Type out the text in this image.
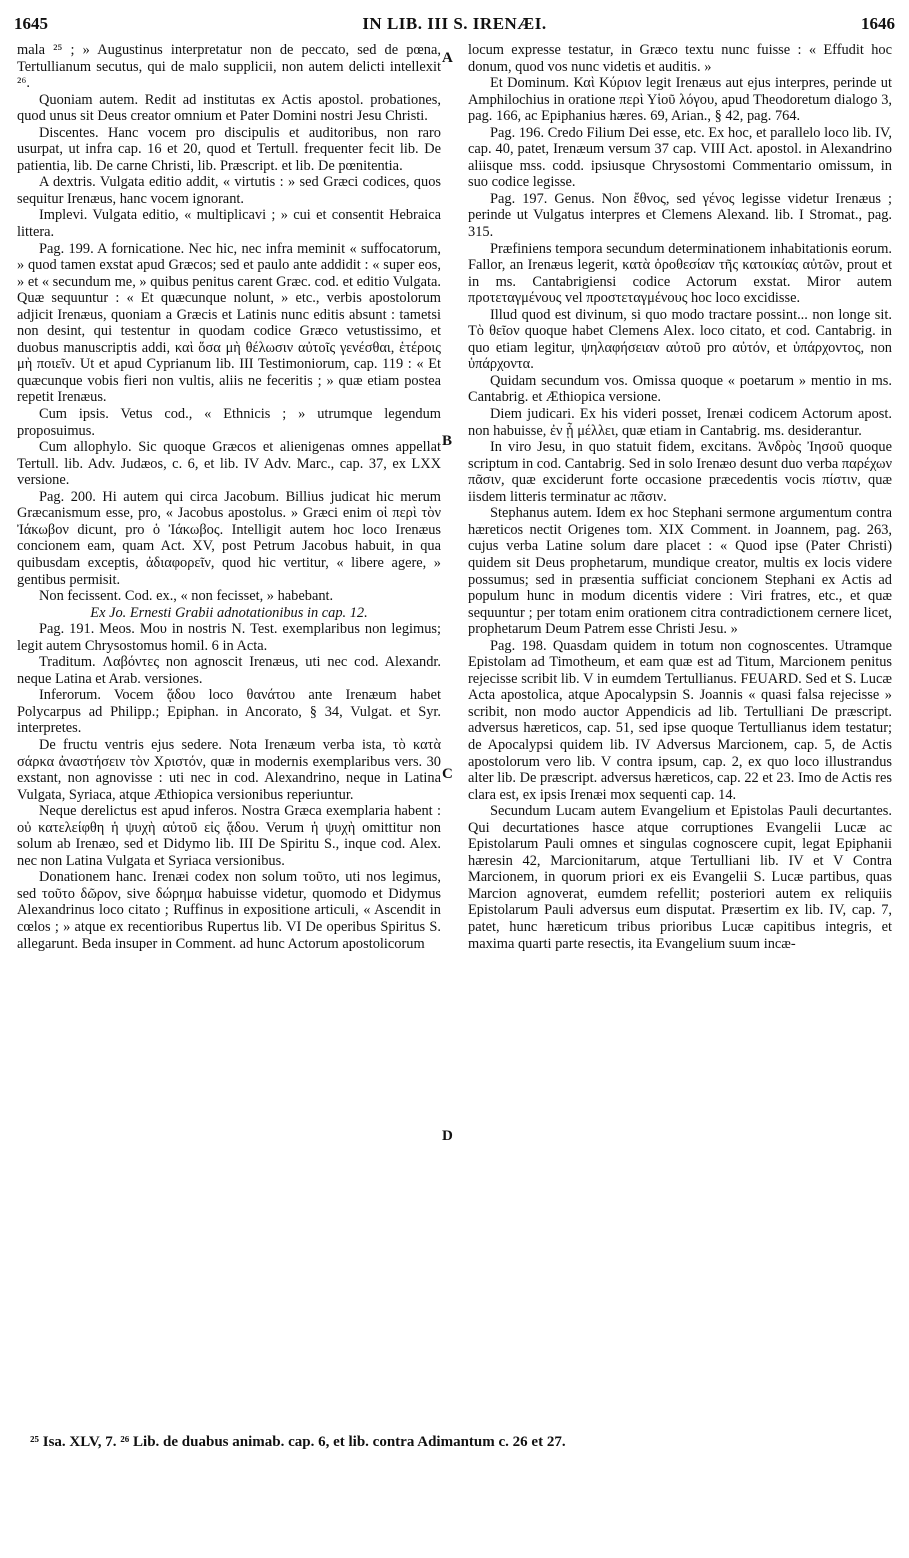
1645	IN LIB. III S. IRENÆI.	1646
A
B
C
D

mala ²⁵ ; » Augustinus interpretatur non de peccato, sed de pœna, Tertullianum secutus, qui de malo supplicii, non autem delicti intellexit ²⁶.

Quoniam autem. Redit ad institutas ex Actis apostol. probationes, quod unus sit Deus creator omnium et Pater Domini nostri Jesu Christi.

Discentes. Hanc vocem pro discipulis et auditoribus, non raro usurpat, ut infra cap. 16 et 20, quod et Tertull. frequenter fecit lib. De patientia, lib. De carne Christi, lib. Præscript. et lib. De pœnitentia.

A dextris. Vulgata editio addit, « virtutis : » sed Græci codices, quos sequitur Irenæus, hanc vocem ignorant.

Implevi. Vulgata editio, « multiplicavi ; » cui et consentit Hebraica littera.

Pag. 199. A fornicatione. Nec hic, nec infra meminit « suffocatorum, » quod tamen exstat apud Græcos; sed et paulo ante addidit : « super eos, » et « secundum me, » quibus penitus carent Græc. cod. et editio Vulgata. Quæ sequuntur : « Et quæcunque nolunt, » etc., verbis apostolorum adjicit Irenæus, quoniam a Græcis et Latinis nunc editis absunt : tametsi non desint, qui testentur in quodam codice Græco vetustissimo, et duobus manuscriptis addi, καὶ ὅσα μὴ θέλωσιν αὐτοῖς γενέσθαι, ἑτέροις μὴ ποιεῖν. Ut et apud Cyprianum lib. III Testimoniorum, cap. 119 : « Et quæcunque vobis fieri non vultis, aliis ne feceritis ; » quæ etiam postea repetit Irenæus.

Cum ipsis. Vetus cod., « Ethnicis ; » utrumque legendum proposuimus.

Cum allophylo. Sic quoque Græcos et alienigenas omnes appellat Tertull. lib. Adv. Judæos, c. 6, et lib. IV Adv. Marc., cap. 37, ex LXX versione.

Pag. 200. Hi autem qui circa Jacobum. Billius judicat hic merum Græcanismum esse, pro, « Jacobus apostolus. » Græci enim οἱ περὶ τὸν Ἰάκωβον dicunt, pro ὁ Ἰάκωβος. Intelligit autem hoc loco Irenæus concionem eam, quam Act. XV, post Petrum Jacobus habuit, in qua quibusdam exceptis, ἀδιαφορεῖν, quod hic vertitur, « libere agere, » gentibus permisit.

Non fecissent. Cod. ex., « non fecisset, » habebant.

Ex Jo. Ernesti Grabii adnotationibus in cap. 12.

Pag. 191. Meos. Μου in nostris N. Test. exemplaribus non legimus; legit autem Chrysostomus homil. 6 in Acta.

Traditum. Λαβόντες non agnoscit Irenæus, uti nec cod. Alexandr. neque Latina et Arab. versiones.

Inferorum. Vocem ᾅδου loco θανάτου ante Irenæum habet Polycarpus ad Philipp.; Epiphan. in Ancorato, § 34, Vulgat. et Syr. interpretes.

De fructu ventris ejus sedere. Nota Irenæum verba ista, τὸ κατὰ σάρκα ἀναστήσειν τὸν Χριστόν, quæ in modernis exemplaribus vers. 30 exstant, non agnovisse : uti nec in cod. Alexandrino, neque in Latina Vulgata, Syriaca, atque Æthiopica versionibus reperiuntur.

Neque derelictus est apud inferos. Nostra Græca exemplaria habent : οὐ κατελείφθη ἡ ψυχὴ αὐτοῦ εἰς ᾅδου. Verum ἡ ψυχὴ omittitur non solum ab Irenæo, sed et Didymo lib. III De Spiritu S., inque cod. Alex. nec non Latina Vulgata et Syriaca versionibus.

Donationem hanc. Irenæi codex non solum τοῦτο, uti nos legimus, sed τοῦτο δῶρον, sive δώρημα habuisse videtur, quomodo et Didymus Alexandrinus loco citato ; Ruffinus in expositione articuli, « Ascendit in cœlos ; » atque ex recentioribus Rupertus lib. VI De operibus Spiritus S. allegarunt. Beda insuper in Comment. ad hunc Actorum apostolicorum

locum expresse testatur, in Græco textu nunc fuisse : « Effudit hoc donum, quod vos nunc videtis et auditis. »

Et Dominum. Καὶ Κύριον legit Irenæus aut ejus interpres, perinde ut Amphilochius in oratione περὶ Υἱοῦ λόγου, apud Theodoretum dialogo 3, pag. 166, ac Epiphanius hæres. 69, Arian., § 42, pag. 764.

Pag. 196. Credo Filium Dei esse, etc. Ex hoc, et parallelo loco lib. IV, cap. 40, patet, Irenæum versum 37 cap. VIII Act. apostol. in Alexandrino aliisque mss. codd. ipsiusque Chrysostomi Commentario omissum, in suo codice legisse.

Pag. 197. Genus. Non ἔθνος, sed γένος legisse videtur Irenæus ; perinde ut Vulgatus interpres et Clemens Alexand. lib. I Stromat., pag. 315.

Præfiniens tempora secundum determinationem inhabitationis eorum. Fallor, an Irenæus legerit, κατὰ ὁροθεσίαν τῆς κατοικίας αὐτῶν, prout et in ms. Cantabrigiensi codice Actorum exstat. Miror autem προτεταγμένους vel προστεταγμένους hoc loco excidisse.

Illud quod est divinum, si quo modo tractare possint... non longe sit. Τὸ θεῖον quoque habet Clemens Alex. loco citato, et cod. Cantabrig. in quo etiam legitur, ψηλαφήσειαν αὐτοῦ pro αὐτόν, et ὑπάρχοντος, non ὑπάρχοντα.

Quidam secundum vos. Omissa quoque « poetarum » mentio in ms. Cantabrig. et Æthiopica versione.

Diem judicari. Ex his videri posset, Irenæi codicem Actorum apost. non habuisse, ἐν ᾗ μέλλει, quæ etiam in Cantabrig. ms. desiderantur.

In viro Jesu, in quo statuit fidem, excitans. Ἀνδρὸς Ἰησοῦ quoque scriptum in cod. Cantabrig. Sed in solo Irenæo desunt duo verba παρέχων πᾶσιν, quæ exciderunt forte occasione præcedentis vocis πίστιν, quæ iisdem litteris terminatur ac πᾶσιν.

Stephanus autem. Idem ex hoc Stephani sermone argumentum contra hæreticos nectit Origenes tom. XIX Comment. in Joannem, pag. 263, cujus verba Latine solum dare placet : « Quod ipse (Pater Christi) quidem sit Deus prophetarum, mundique creator, multis ex locis videre possumus; sed in præsentia sufficiat concionem Stephani ex Actis ad populum hunc in modum dicentis videre : Viri fratres, etc., et quæ sequuntur ; per totam enim orationem citra contradictionem cernere licet, prophetarum Deum Patrem esse Christi Jesu. »

Pag. 198. Quasdam quidem in totum non cognoscentes. Utramque Epistolam ad Timotheum, et eam quæ est ad Titum, Marcionem penitus rejecisse scribit lib. V in eumdem Tertullianus. FEUARD. Sed et S. Lucæ Acta apostolica, atque Apocalypsin S. Joannis « quasi falsa rejecisse » scribit, non modo auctor Appendicis ad lib. Tertulliani De præscript. adversus hæreticos, cap. 51, sed ipse quoque Tertullianus idem testatur; de Apocalypsi quidem lib. IV Adversus Marcionem, cap. 5, de Actis apostolorum vero lib. V contra ipsum, cap. 2, ex quo loco illustrandus alter lib. De præscript. adversus hæreticos, cap. 22 et 23. Imo de Actis res clara est, ex ipsis Irenæi mox sequenti cap. 14.

Secundum Lucam autem Evangelium et Epistolas Pauli decurtantes. Qui decurtationes hasce atque corruptiones Evangelii Lucæ ac Epistolarum Pauli omnes et singulas cognoscere cupit, legat Epiphanii hæresin 42, Marcionitarum, atque Tertulliani lib. IV et V Contra Marcionem, in quorum priori ex eis Evangelii S. Lucæ partibus, quas Marcion agnoverat, eumdem refellit; posteriori autem ex reliquiis Epistolarum Pauli adversus eum disputat. Præsertim ex lib. IV, cap. 7, patet, hunc hæreticum tribus prioribus Lucæ capitibus integris, et maxima quarti parte resectis, ita Evangelium suum incæ-

²⁵ Isa. XLV, 7. ²⁶ Lib. de duabus animab. cap. 6, et lib. contra Adimantum c. 26 et 27.
